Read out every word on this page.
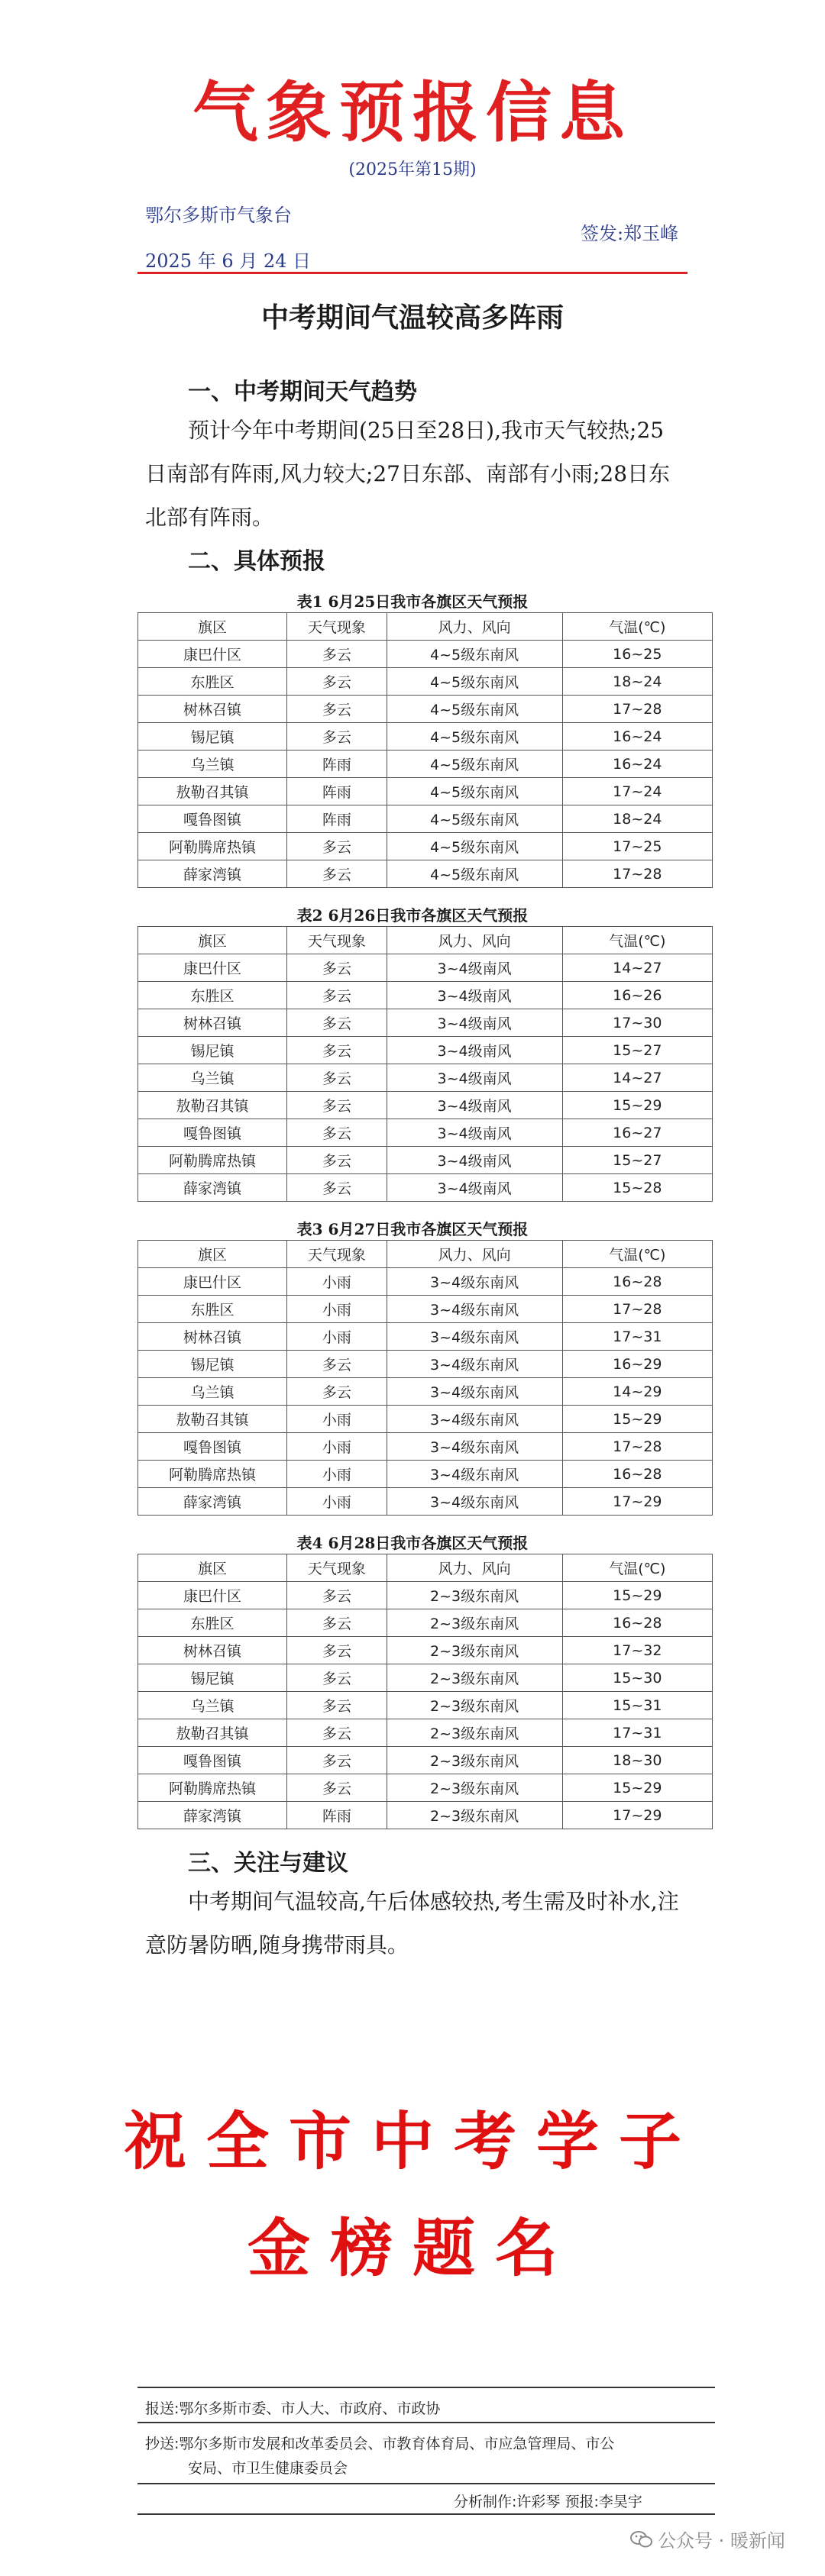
气象预报信息
(2025年第15期)
鄂尔多斯市气象台
签发:郑玉峰
2025 年 6 月 24 日
中考期间气温较高多阵雨
一、中考期间天气趋势
预计今年中考期间(25日至28日),我市天气较热;25日南部有阵雨,风力较大;27日东部、南部有小雨;28日东北部有阵雨。
二、具体预报
表1 6月25日我市各旗区天气预报
旗区	天气现象	风力、风向	气温(℃)
康巴什区	多云	4~5级东南风	16~25
东胜区	多云	4~5级东南风	18~24
树林召镇	多云	4~5级东南风	17~28
锡尼镇	多云	4~5级东南风	16~24
乌兰镇	阵雨	4~5级东南风	16~24
敖勒召其镇	阵雨	4~5级东南风	17~24
嘎鲁图镇	阵雨	4~5级东南风	18~24
阿勒腾席热镇	多云	4~5级东南风	17~25
薛家湾镇	多云	4~5级东南风	17~28
表2 6月26日我市各旗区天气预报
旗区	天气现象	风力、风向	气温(℃)
康巴什区	多云	3~4级南风	14~27
东胜区	多云	3~4级南风	16~26
树林召镇	多云	3~4级南风	17~30
锡尼镇	多云	3~4级南风	15~27
乌兰镇	多云	3~4级南风	14~27
敖勒召其镇	多云	3~4级南风	15~29
嘎鲁图镇	多云	3~4级南风	16~27
阿勒腾席热镇	多云	3~4级南风	15~27
薛家湾镇	多云	3~4级南风	15~28
表3 6月27日我市各旗区天气预报
旗区	天气现象	风力、风向	气温(℃)
康巴什区	小雨	3~4级东南风	16~28
东胜区	小雨	3~4级东南风	17~28
树林召镇	小雨	3~4级东南风	17~31
锡尼镇	多云	3~4级东南风	16~29
乌兰镇	多云	3~4级东南风	14~29
敖勒召其镇	小雨	3~4级东南风	15~29
嘎鲁图镇	小雨	3~4级东南风	17~28
阿勒腾席热镇	小雨	3~4级东南风	16~28
薛家湾镇	小雨	3~4级东南风	17~29
表4 6月28日我市各旗区天气预报
旗区	天气现象	风力、风向	气温(℃)
康巴什区	多云	2~3级东南风	15~29
东胜区	多云	2~3级东南风	16~28
树林召镇	多云	2~3级东南风	17~32
锡尼镇	多云	2~3级东南风	15~30
乌兰镇	多云	2~3级东南风	15~31
敖勒召其镇	多云	2~3级东南风	17~31
嘎鲁图镇	多云	2~3级东南风	18~30
阿勒腾席热镇	多云	2~3级东南风	15~29
薛家湾镇	阵雨	2~3级东南风	17~29
三、关注与建议
中考期间气温较高,午后体感较热,考生需及时补水,注意防暑防晒,随身携带雨具。
祝全市中考学子
金榜题名
报送:鄂尔多斯市委、市人大、市政府、市政协
抄送:鄂尔多斯市发展和改革委员会、市教育体育局、市应急管理局、市公
安局、市卫生健康委员会
分析制作:许彩琴 预报:李昊宇
公众号 · 暖新闻
